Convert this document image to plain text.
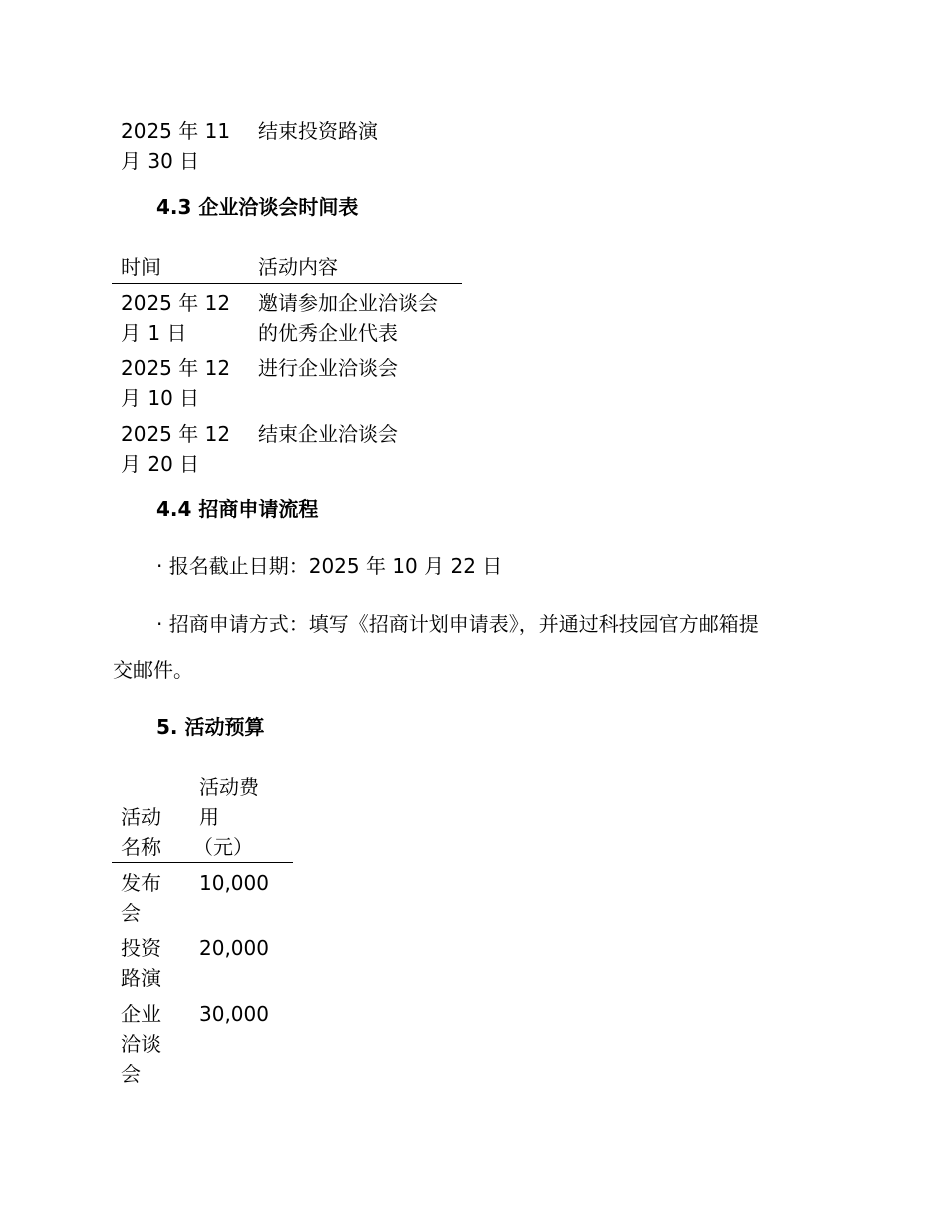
2025 年 11
月 30 日
结束投资路演
4.3 企业洽谈会时间表
时间	活动内容
2025 年 12
月 1 日
邀请参加企业洽谈会
的优秀企业代表
2025 年 12
月 10 日
进行企业洽谈会
2025 年 12
月 20 日
结束企业洽谈会
4.4 招商申请流程
· 报名截止日期：2025 年 10 月 22 日
· 招商申请方式：填写《招商计划申请表》，并通过科技园官方邮箱提
交邮件。
5. 活动预算
活动费
用
（元）
活动
名称
发布
会
10,000
投资
路演
20,000
企业
洽谈
会
30,000
